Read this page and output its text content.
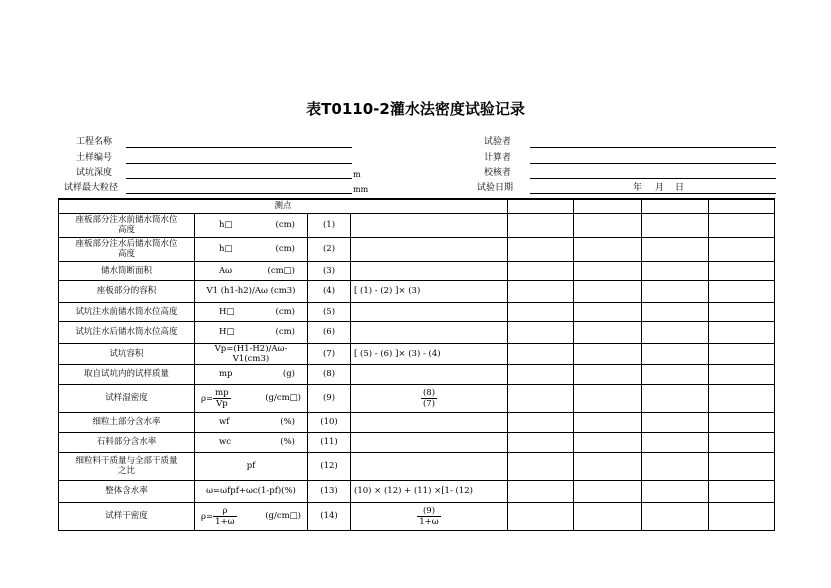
表T0110-2灌水法密度试验记录
工程名称
土样编号
试坑深度	m
试样最大粒径	mm
试验者
计算者
校核者
试验日期	年 月 日
测点							
座板部分注水前储水筒水位高度	h□ (cm)	(1)					
座板部分注水后储水筒水位高度	h□ (cm)	(2)					
储水筒断面积	Aω (cm□)	(3)					
座板部分的容积	V1 (h1-h2)/Aω (cm3)	(4)	[ (1) - (2) ]× (3)				
试坑注水前储水筒水位高度	H□ (cm)	(5)					
试坑注水后储水筒水位高度	H□ (cm)	(6)					
试坑容积	Vp=(H1-H2)/Aω-V1(cm3)	(7)	[ (5) - (6) ]× (3) - (4)				
取自试坑内的试样质量	mp (g)	(8)					
试样湿密度	$\rho= \frac{mp}{Vp}$ (g/cm□)	(9)	$\frac{(8)}{(7)}$

细粒土部分含水率	wf (%)	(10)					
石料部分含水率	wc (%)	(11)					
细粒料干质量与全部干质量之比	pf	(12)					
整体含水率	ω=ωfpf+ωc(1-pf)(%)	(13)	(10) × (12) + (11) ×[1- (12)				
试样干密度	$\rho= \frac{\rho}{1+\omega}$ (g/cm□)	(14)	$\frac{(9)}{1+\omega}$
